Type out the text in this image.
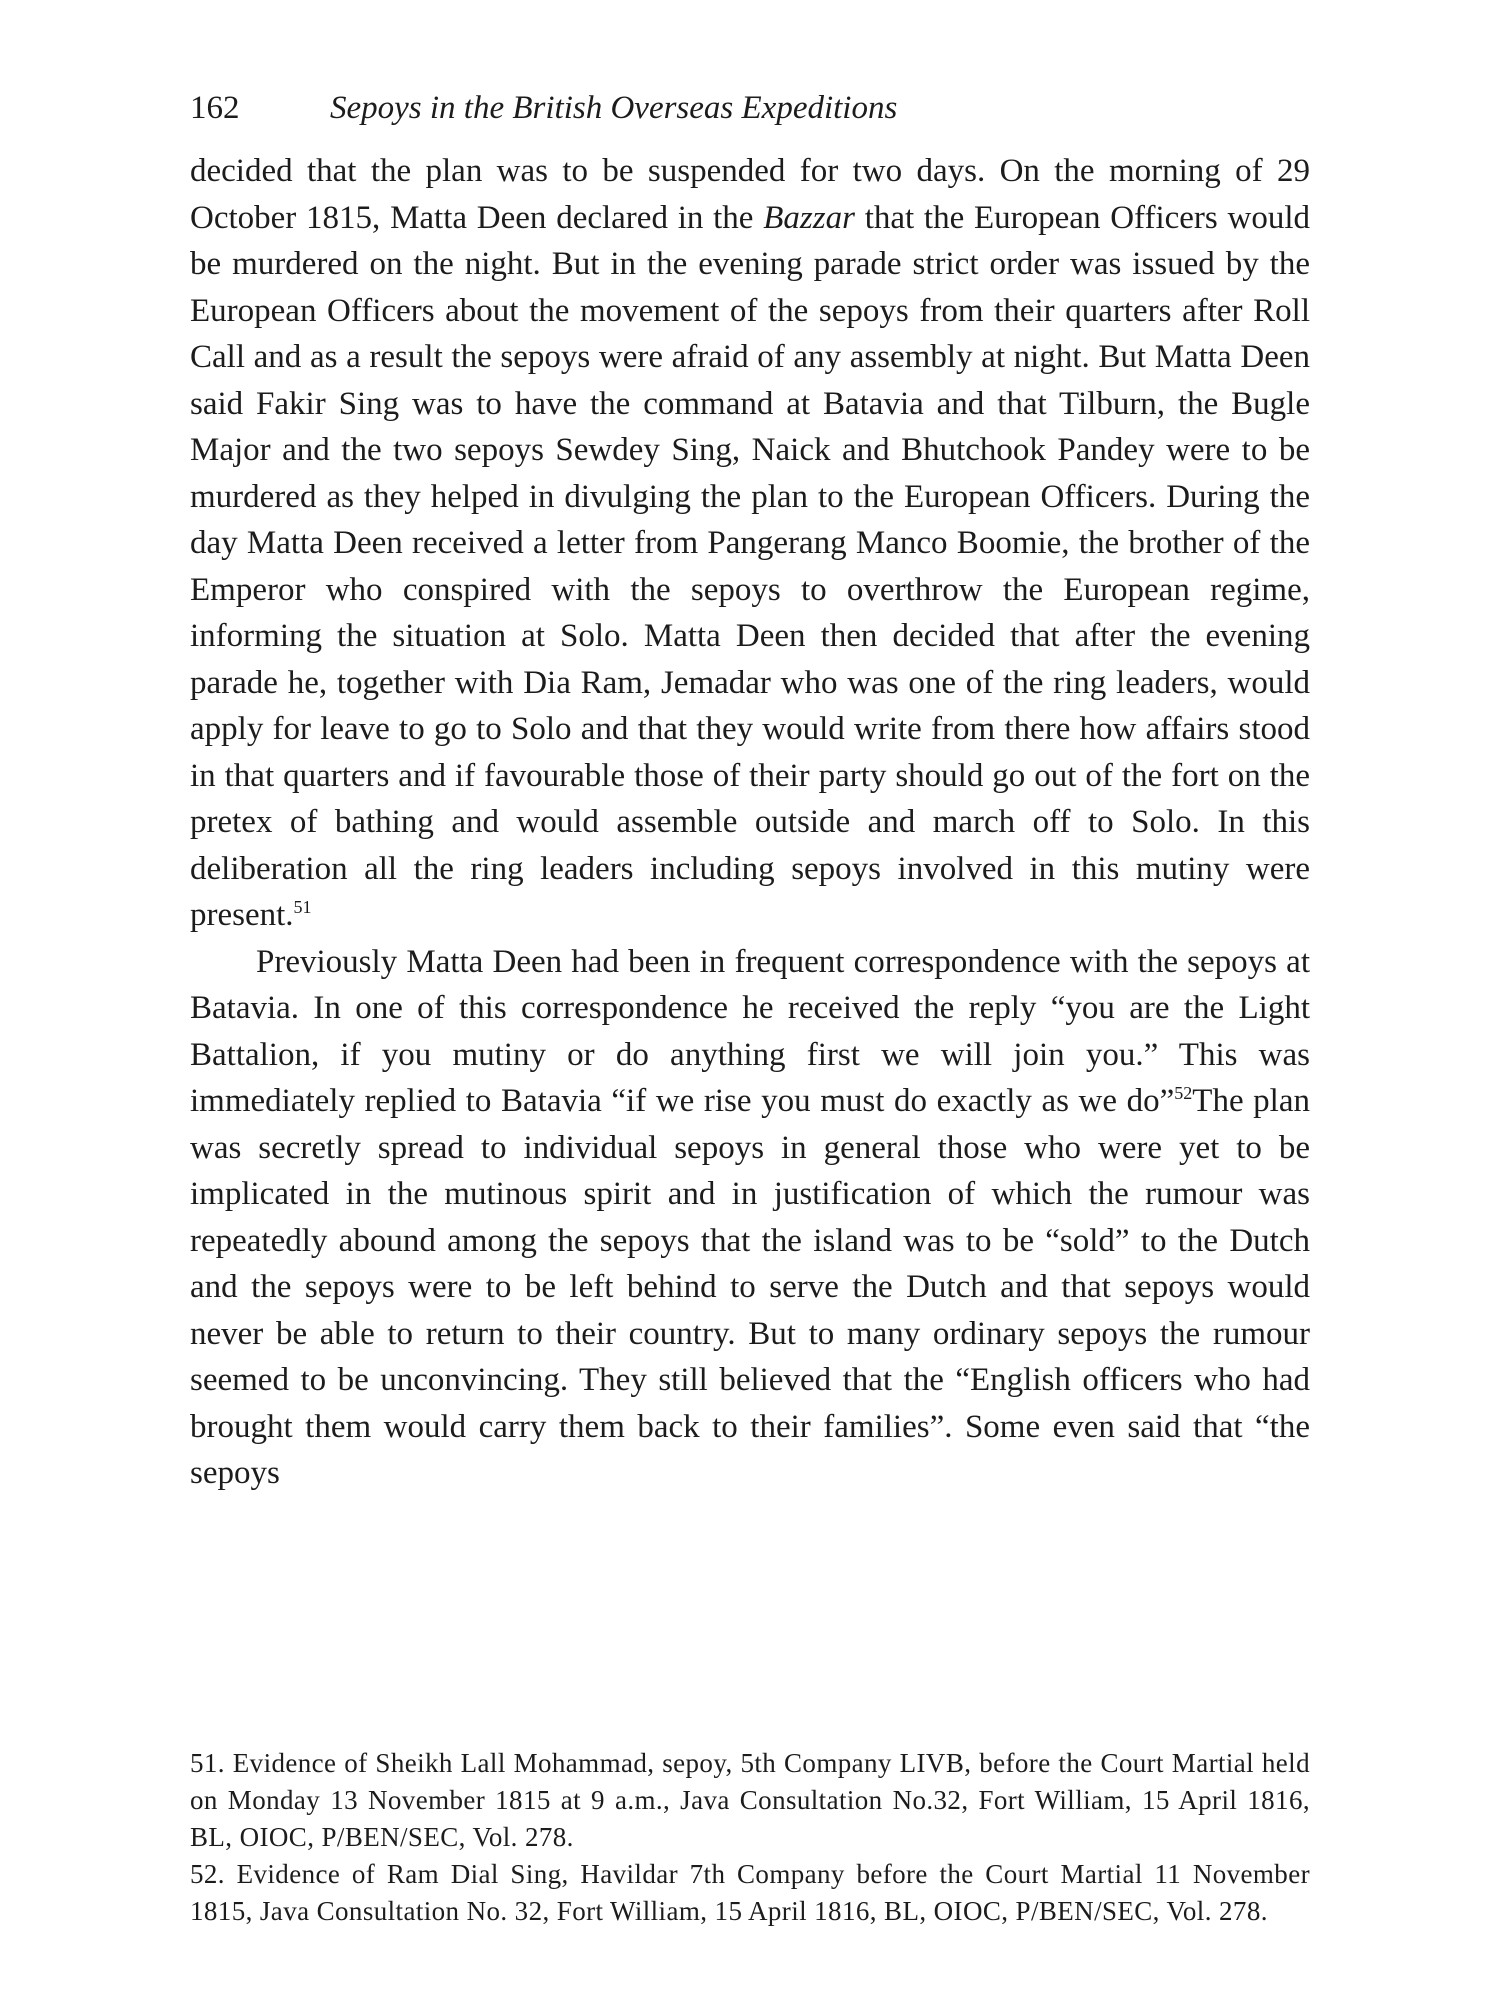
162	Sepoys in the British Overseas Expeditions

decided that the plan was to be suspended for two days. On the morning of 29 October 1815, Matta Deen declared in the Bazzar that the European Officers would be murdered on the night. But in the evening parade strict order was issued by the European Officers about the movement of the sepoys from their quarters after Roll Call and as a result the sepoys were afraid of any assembly at night. But Matta Deen said Fakir Sing was to have the command at Batavia and that Tilburn, the Bugle Major and the two sepoys Sewdey Sing, Naick and Bhutchook Pandey were to be murdered as they helped in divulging the plan to the European Officers. During the day Matta Deen received a letter from Pangerang Manco Boomie, the brother of the Emperor who conspired with the sepoys to overthrow the European regime, informing the situation at Solo. Matta Deen then decided that after the evening parade he, together with Dia Ram, Jemadar who was one of the ring leaders, would apply for leave to go to Solo and that they would write from there how affairs stood in that quarters and if favourable those of their party should go out of the fort on the pretex of bathing and would assemble outside and march off to Solo. In this deliberation all the ring leaders including sepoys involved in this mutiny were present.$^{51}$

Previously Matta Deen had been in frequent correspondence with the sepoys at Batavia. In one of this correspondence he received the reply “you are the Light Battalion, if you mutiny or do anything first we will join you.” This was immediately replied to Batavia “if we rise you must do exactly as we do”$^{52}$The plan was secretly spread to individual sepoys in general those who were yet to be implicated in the mutinous spirit and in justification of which the rumour was repeatedly abound among the sepoys that the island was to be “sold” to the Dutch and the sepoys were to be left behind to serve the Dutch and that sepoys would never be able to return to their country. But to many ordinary sepoys the rumour seemed to be unconvincing. They still believed that the “English officers who had brought them would carry them back to their families”. Some even said that “the sepoys

51. Evidence of Sheikh Lall Mohammad, sepoy, 5th Company LIVB, before the Court Martial held on Monday 13 November 1815 at 9 a.m., Java Consultation No.32, Fort William, 15 April 1816, BL, OIOC, P/BEN/SEC, Vol. 278.

52. Evidence of Ram Dial Sing, Havildar 7th Company before the Court Martial 11 November 1815, Java Consultation No. 32, Fort William, 15 April 1816, BL, OIOC, P/BEN/SEC, Vol. 278.
